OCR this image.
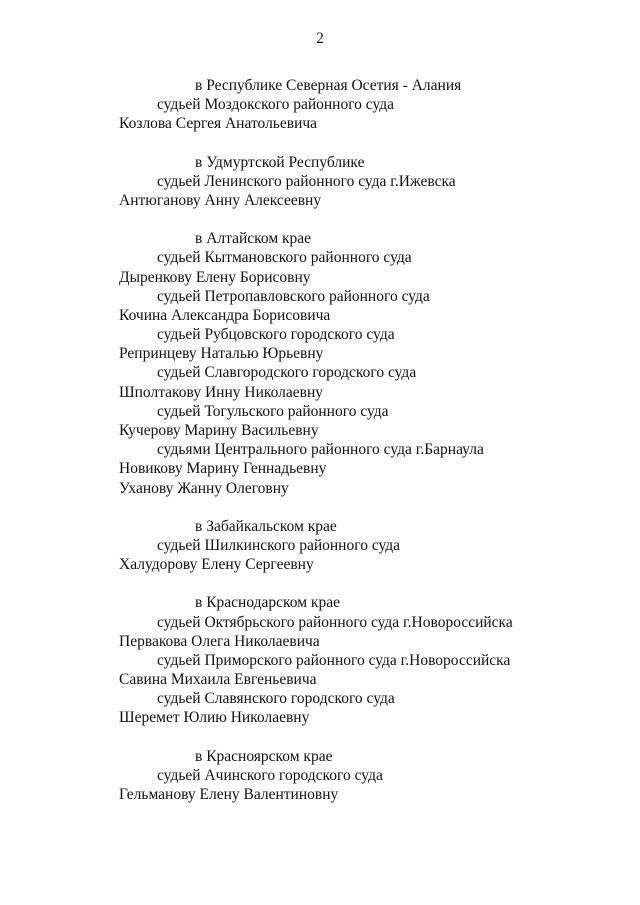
2
в Республике Северная Осетия - Алания
судьей Моздокского районного суда
Козлова Сергея Анатольевича
в Удмуртской Республике
судьей Ленинского районного суда г.Ижевска
Антюганову Анну Алексеевну
в Алтайском крае
судьей Кытмановского районного суда
Дыренкову Елену Борисовну
судьей Петропавловского районного суда
Кочина Александра Борисовича
судьей Рубцовского городского суда
Репринцеву Наталью Юрьевну
судьей Славгородского городского суда
Шполтакову Инну Николаевну
судьей Тогульского районного суда
Кучерову Марину Васильевну
судьями Центрального районного суда г.Барнаула
Новикову Марину Геннадьевну
Уханову Жанну Олеговну
в Забайкальском крае
судьей Шилкинского районного суда
Халудорову Елену Сергеевну
в Краснодарском крае
судьей Октябрьского районного суда г.Новороссийска
Первакова Олега Николаевича
судьей Приморского районного суда г.Новороссийска
Савина Михаила Евгеньевича
судьей Славянского городского суда
Шеремет Юлию Николаевну
в Красноярском крае
судьей Ачинского городского суда
Гельманову Елену Валентиновну
